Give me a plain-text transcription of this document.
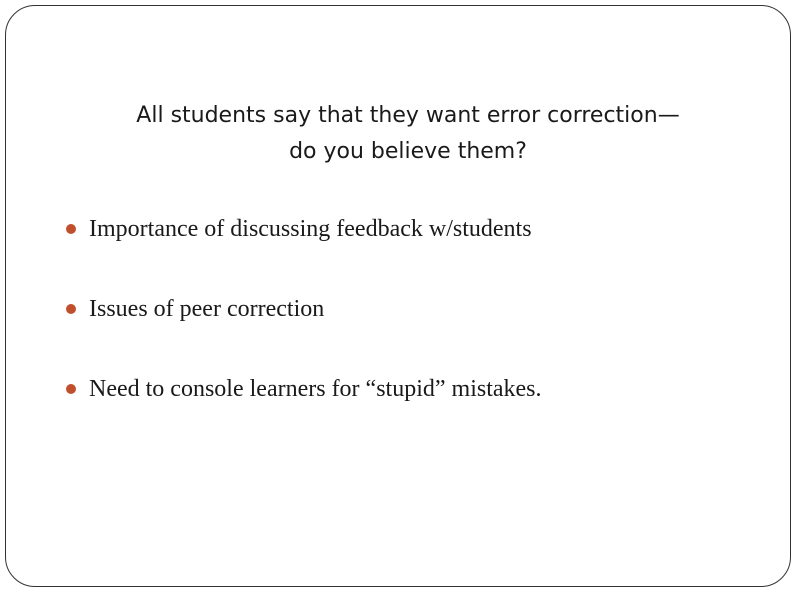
All students say that they want error correction—
do you believe them?
Importance of discussing feedback w/students
Issues of peer correction
Need to console learners for “stupid” mistakes.
